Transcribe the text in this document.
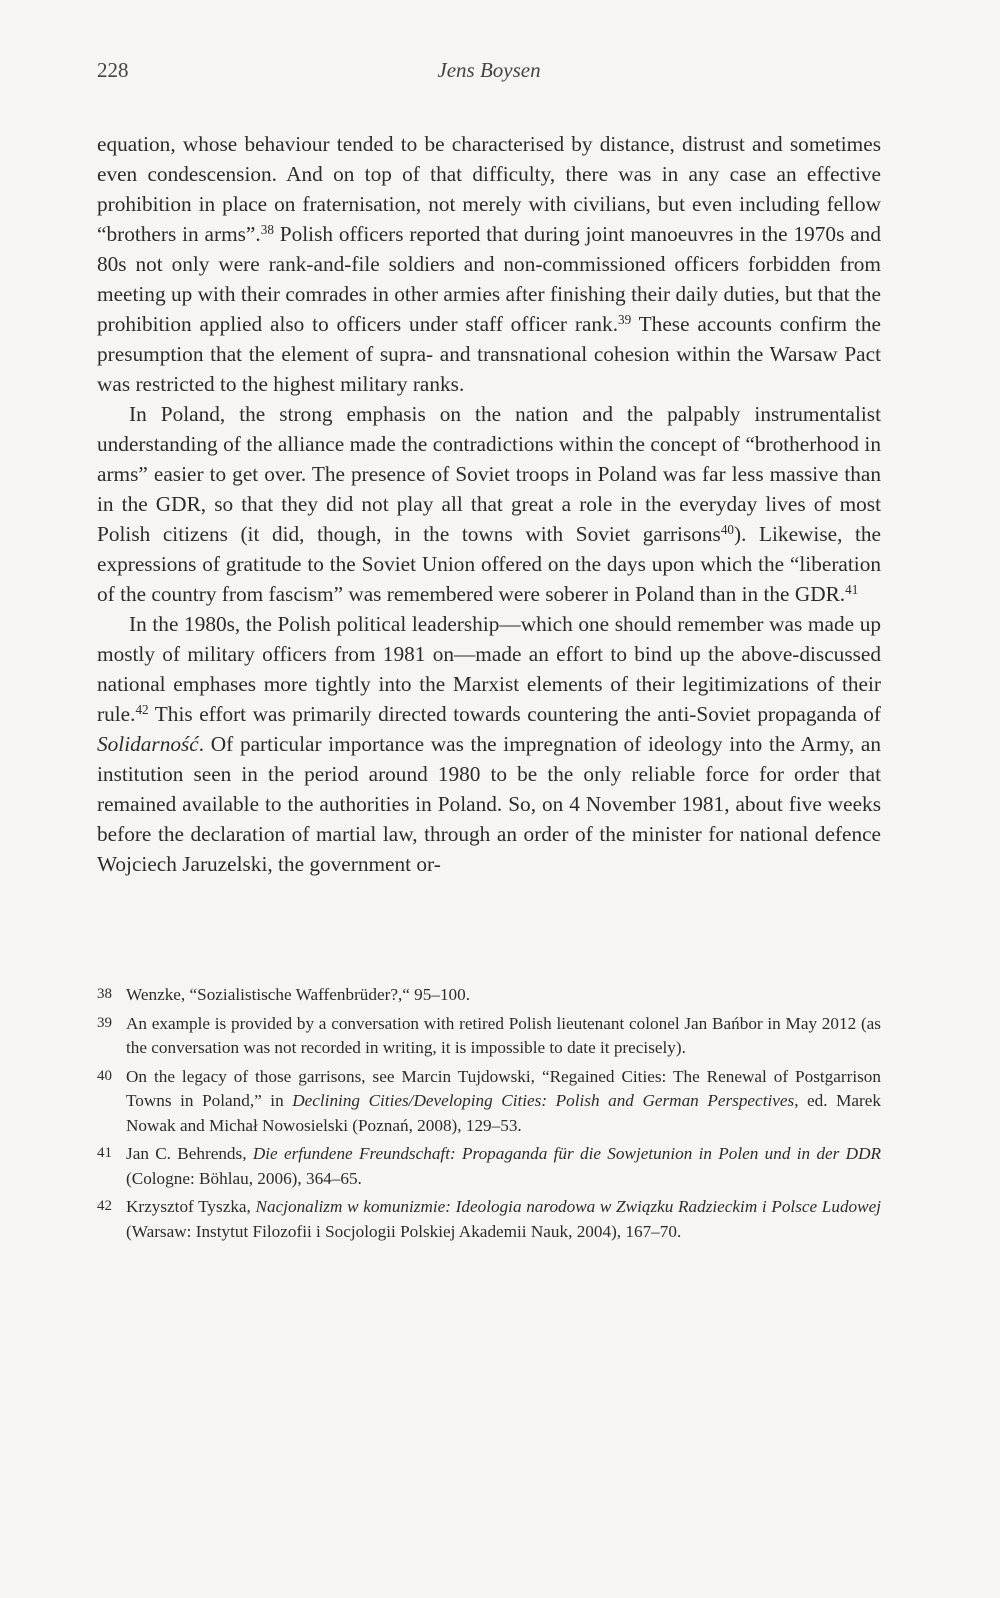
228	Jens Boysen

equation, whose behaviour tended to be characterised by distance, distrust and sometimes even condescension. And on top of that difficulty, there was in any case an effective prohibition in place on fraternisation, not merely with civilians, but even including fellow “brothers in arms”.$^{38}$ Polish officers reported that during joint manoeuvres in the 1970s and 80s not only were rank-and-file soldiers and non-commissioned officers forbidden from meeting up with their comrades in other armies after finishing their daily duties, but that the prohibition applied also to officers under staff officer rank.$^{39}$ These accounts confirm the presumption that the element of supra- and transnational cohesion within the Warsaw Pact was restricted to the highest military ranks.

In Poland, the strong emphasis on the nation and the palpably instrumentalist understanding of the alliance made the contradictions within the concept of “brotherhood in arms” easier to get over. The presence of Soviet troops in Poland was far less massive than in the GDR, so that they did not play all that great a role in the everyday lives of most Polish citizens (it did, though, in the towns with Soviet garrisons$^{40}$). Likewise, the expressions of gratitude to the Soviet Union offered on the days upon which the “liberation of the country from fascism” was remembered were soberer in Poland than in the GDR.$^{41}$

In the 1980s, the Polish political leadership—which one should remember was made up mostly of military officers from 1981 on—made an effort to bind up the above-discussed national emphases more tightly into the Marxist elements of their legitimizations of their rule.$^{42}$ This effort was primarily directed towards countering the anti-Soviet propaganda of Solidarność. Of particular importance was the impregnation of ideology into the Army, an institution seen in the period around 1980 to be the only reliable force for order that remained available to the authorities in Poland. So, on 4 November 1981, about five weeks before the declaration of martial law, through an order of the minister for national defence Wojciech Jaruzelski, the government or-

38 Wenzke, “Sozialistische Waffenbrüder?,“ 95–100.
39 An example is provided by a conversation with retired Polish lieutenant colonel Jan Bańbor in May 2012 (as the conversation was not recorded in writing, it is impossible to date it precisely).
40 On the legacy of those garrisons, see Marcin Tujdowski, “Regained Cities: The Renewal of Postgarrison Towns in Poland,” in Declining Cities/Developing Cities: Polish and German Perspectives, ed. Marek Nowak and Michał Nowosielski (Poznań, 2008), 129–53.
41 Jan C. Behrends, Die erfundene Freundschaft: Propaganda für die Sowjetunion in Polen und in der DDR (Cologne: Böhlau, 2006), 364–65.
42 Krzysztof Tyszka, Nacjonalizm w komunizmie: Ideologia narodowa w Związku Radzieckim i Polsce Ludowej (Warsaw: Instytut Filozofii i Socjologii Polskiej Akademii Nauk, 2004), 167–70.
